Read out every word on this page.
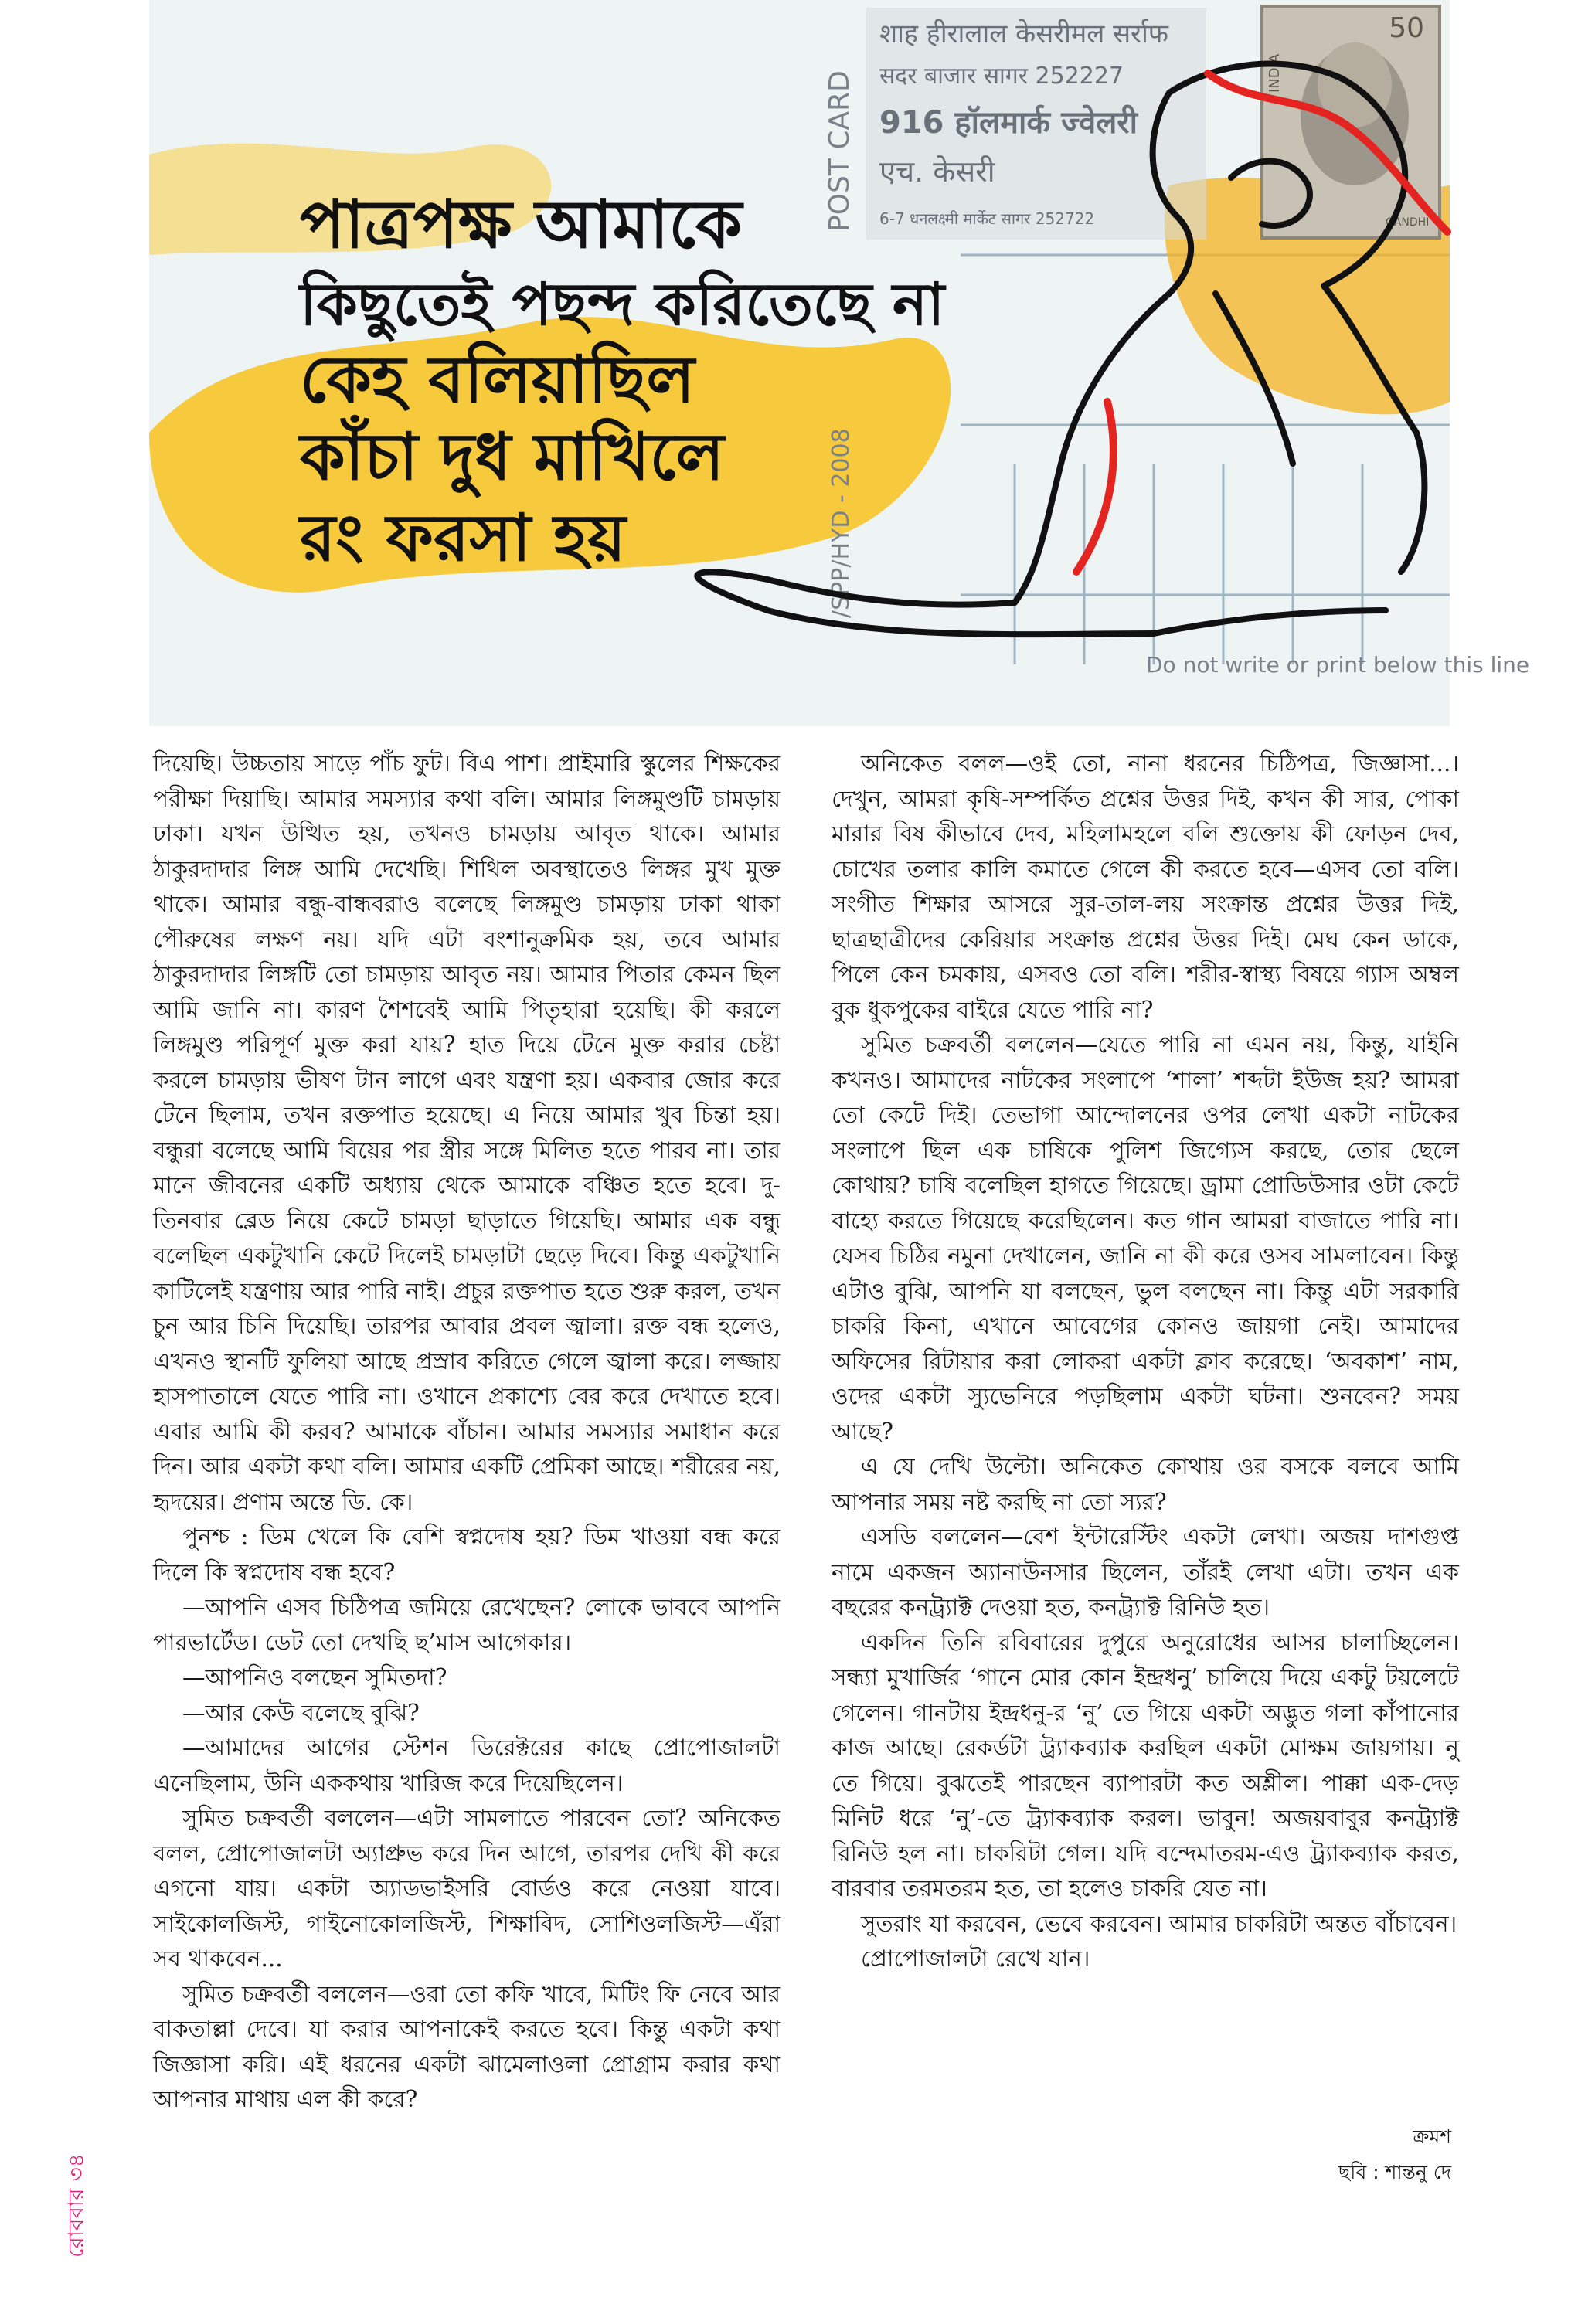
50
INDIA
GANDHI
शाह हीरालाल केसरीमल सर्राफ
सदर बाजार सागर 252227
916 हॉलमार्क ज्वेलरी
एच. केसरी
6-7 धनलक्ष्मी मार्केट सागर 252722
POST CARD
/SPP/HYD - 2008
Do not write or print below this line
পাত্রপক্ষ আমাকে
কিছুতেই পছন্দ করিতেছে না
কেহ বলিয়াছিল
কাঁচা দুধ মাখিলে
রং ফরসা হয়

দিয়েছি। উচ্চতায় সাড়ে পাঁচ ফুট। বিএ পাশ। প্রাইমারি স্কুলের শিক্ষকের পরীক্ষা দিয়াছি। আমার সমস্যার কথা বলি। আমার লিঙ্গমুণ্ডটি চামড়ায় ঢাকা। যখন উত্থিত হয়, তখনও চামড়ায় আবৃত থাকে। আমার ঠাকুরদাদার লিঙ্গ আমি দেখেছি। শিথিল অবস্থাতেও লিঙ্গর মুখ মুক্ত থাকে। আমার বন্ধু-বান্ধবরাও বলেছে লিঙ্গমুণ্ড চামড়ায় ঢাকা থাকা পৌরুষের লক্ষণ নয়। যদি এটা বংশানুক্রমিক হয়, তবে আমার ঠাকুরদাদার লিঙ্গটি তো চামড়ায় আবৃত নয়। আমার পিতার কেমন ছিল আমি জানি না। কারণ শৈশবেই আমি পিতৃহারা হয়েছি। কী করলে লিঙ্গমুণ্ড পরিপূর্ণ মুক্ত করা যায়? হাত দিয়ে টেনে মুক্ত করার চেষ্টা করলে চামড়ায় ভীষণ টান লাগে এবং যন্ত্রণা হয়। একবার জোর করে টেনে ছিলাম, তখন রক্তপাত হয়েছে। এ নিয়ে আমার খুব চিন্তা হয়। বন্ধুরা বলেছে আমি বিয়ের পর স্ত্রীর সঙ্গে মিলিত হতে পারব না। তার মানে জীবনের একটি অধ্যায় থেকে আমাকে বঞ্চিত হতে হবে। দু-তিনবার ব্লেড নিয়ে কেটে চামড়া ছাড়াতে গিয়েছি। আমার এক বন্ধু বলেছিল একটুখানি কেটে দিলেই চামড়াটা ছেড়ে দিবে। কিন্তু একটুখানি কাটিলেই যন্ত্রণায় আর পারি নাই। প্রচুর রক্তপাত হতে শুরু করল, তখন চুন আর চিনি দিয়েছি। তারপর আবার প্রবল জ্বালা। রক্ত বন্ধ হলেও, এখনও স্থানটি ফুলিয়া আছে প্রস্রাব করিতে গেলে জ্বালা করে। লজ্জায় হাসপাতালে যেতে পারি না। ওখানে প্রকাশ্যে বের করে দেখাতে হবে। এবার আমি কী করব? আমাকে বাঁচান। আমার সমস্যার সমাধান করে দিন। আর একটা কথা বলি। আমার একটি প্রেমিকা আছে। শরীরের নয়, হৃদয়ের। প্রণাম অন্তে ডি. কে।

পুনশ্চ : ডিম খেলে কি বেশি স্বপ্নদোষ হয়? ডিম খাওয়া বন্ধ করে দিলে কি স্বপ্নদোষ বন্ধ হবে?

—আপনি এসব চিঠিপত্র জমিয়ে রেখেছেন? লোকে ভাববে আপনি পারভার্টেড। ডেট তো দেখছি ছ’মাস আগেকার।

—আপনিও বলছেন সুমিতদা?

—আর কেউ বলেছে বুঝি?

—আমাদের আগের স্টেশন ডিরেক্টরের কাছে প্রোপোজালটা এনেছিলাম, উনি এককথায় খারিজ করে দিয়েছিলেন।

সুমিত চক্রবর্তী বললেন—এটা সামলাতে পারবেন তো? অনিকেত বলল, প্রোপোজালটা অ্যাপ্রুভ করে দিন আগে, তারপর দেখি কী করে এগনো যায়। একটা অ্যাডভাইসরি বোর্ডও করে নেওয়া যাবে। সাইকোলজিস্ট, গাইনোকোলজিস্ট, শিক্ষাবিদ, সোশিওলজিস্ট—এঁরা সব থাকবেন...

সুমিত চক্রবর্তী বললেন—ওরা তো কফি খাবে, মিটিং ফি নেবে আর বাকতাল্লা দেবে। যা করার আপনাকেই করতে হবে। কিন্তু একটা কথা জিজ্ঞাসা করি। এই ধরনের একটা ঝামেলাওলা প্রোগ্রাম করার কথা আপনার মাথায় এল কী করে?

অনিকেত বলল—ওই তো, নানা ধরনের চিঠিপত্র, জিজ্ঞাসা...। দেখুন, আমরা কৃষি-সম্পর্কিত প্রশ্নের উত্তর দিই, কখন কী সার, পোকা মারার বিষ কীভাবে দেব, মহিলামহলে বলি শুক্তোয় কী ফোড়ন দেব, চোখের তলার কালি কমাতে গেলে কী করতে হবে—এসব তো বলি। সংগীত শিক্ষার আসরে সুর-তাল-লয় সংক্রান্ত প্রশ্নের উত্তর দিই, ছাত্রছাত্রীদের কেরিয়ার সংক্রান্ত প্রশ্নের উত্তর দিই। মেঘ কেন ডাকে, পিলে কেন চমকায়, এসবও তো বলি। শরীর-স্বাস্থ্য বিষয়ে গ্যাস অম্বল বুক ধুকপুকের বাইরে যেতে পারি না?

সুমিত চক্রবর্তী বললেন—যেতে পারি না এমন নয়, কিন্তু, যাইনি কখনও। আমাদের নাটকের সংলাপে ‘শালা’ শব্দটা ইউজ হয়? আমরা তো কেটে দিই। তেভাগা আন্দোলনের ওপর লেখা একটা নাটকের সংলাপে ছিল এক চাষিকে পুলিশ জিগ্যেস করছে, তোর ছেলে কোথায়? চাষি বলেছিল হাগতে গিয়েছে। ড্রামা প্রোডিউসার ওটা কেটে বাহ্যে করতে গিয়েছে করেছিলেন। কত গান আমরা বাজাতে পারি না। যেসব চিঠির নমুনা দেখালেন, জানি না কী করে ওসব সামলাবেন। কিন্তু এটাও বুঝি, আপনি যা বলছেন, ভুল বলছেন না। কিন্তু এটা সরকারি চাকরি কিনা, এখানে আবেগের কোনও জায়গা নেই। আমাদের অফিসের রিটায়ার করা লোকরা একটা ক্লাব করেছে। ‘অবকাশ’ নাম, ওদের একটা স্যুভেনিরে পড়ছিলাম একটা ঘটনা। শুনবেন? সময় আছে?

এ যে দেখি উল্টো। অনিকেত কোথায় ওর বসকে বলবে আমি আপনার সময় নষ্ট করছি না তো স্যর?

এসডি বললেন—বেশ ইন্টারেস্টিং একটা লেখা। অজয় দাশগুপ্ত নামে একজন অ্যানাউনসার ছিলেন, তাঁরই লেখা এটা। তখন এক বছরের কনট্র্যাক্ট দেওয়া হত, কনট্র্যাক্ট রিনিউ হত।

একদিন তিনি রবিবারের দুপুরে অনুরোধের আসর চালাচ্ছিলেন। সন্ধ্যা মুখার্জির ‘গানে মোর কোন ইন্দ্রধনু’ চালিয়ে দিয়ে একটু টয়লেটে গেলেন। গানটায় ইন্দ্রধনু-র ‘নু’ তে গিয়ে একটা অদ্ভুত গলা কাঁপানোর কাজ আছে। রেকর্ডটা ট্র্যাকব্যাক করছিল একটা মোক্ষম জায়গায়। নু তে গিয়ে। বুঝতেই পারছেন ব্যাপারটা কত অশ্লীল। পাক্কা এক-দেড় মিনিট ধরে ‘নু’-তে ট্র্যাকব্যাক করল। ভাবুন! অজয়বাবুর কনট্র্যাক্ট রিনিউ হল না। চাকরিটা গেল। যদি বন্দেমাতরম-এও ট্র্যাকব্যাক করত, বারবার তরমতরম হত, তা হলেও চাকরি যেত না।

সুতরাং যা করবেন, ভেবে করবেন। আমার চাকরিটা অন্তত বাঁচাবেন।

প্রোপোজালটা রেখে যান।

রোববার ৩৪
ক্রমশ
ছবি : শান্তনু দে
